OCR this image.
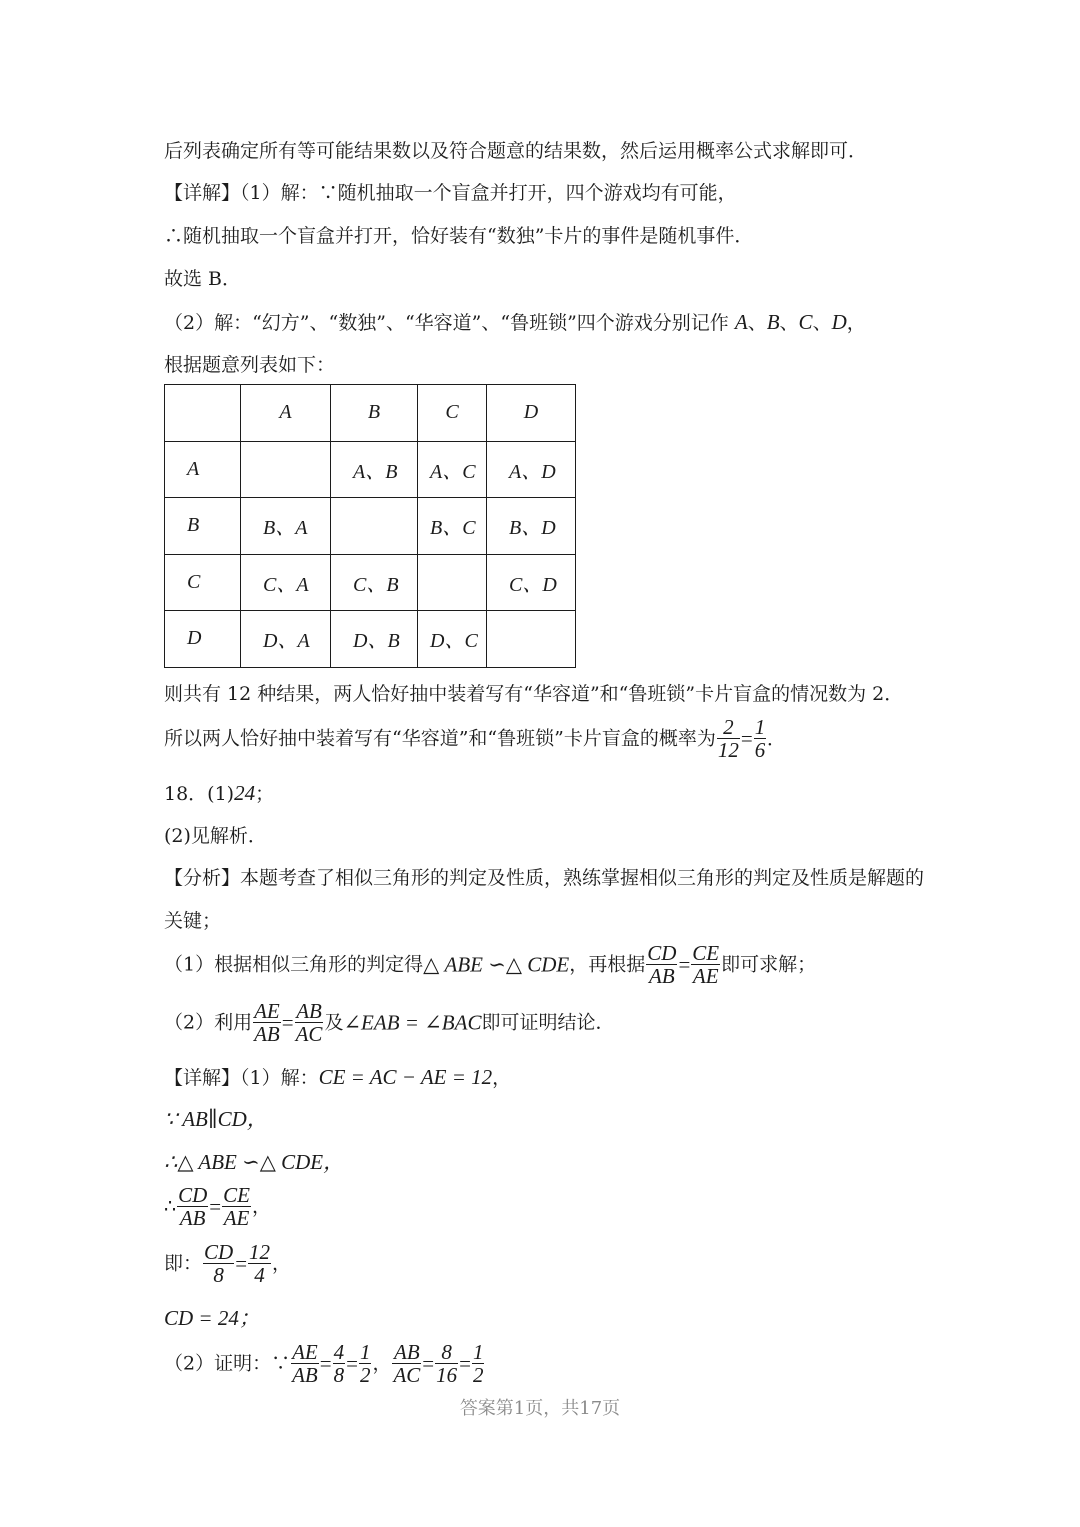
后列表确定所有等可能结果数以及符合题意的结果数，然后运用概率公式求解即可．
【详解】（1）解：∵随机抽取一个盲盒并打开，四个游戏均有可能，
∴随机抽取一个盲盒并打开，恰好装有“数独”卡片的事件是随机事件．
故选 B．
（2）解：“幻方”、“数独”、“华容道”、“鲁班锁”四个游戏分别记作 A、B、C、D，
根据题意列表如下：
	A	B	C	D
A		A、B	A、C	A、D
B	B、A		B、C	B、D
C	C、A	C、B		C、D
D	D、A	D、B	D、C	
则共有 12 种结果，两人恰好抽中装着写有“华容道”和“鲁班锁”卡片盲盒的情况数为 2．
所以两人恰好抽中装着写有“华容道”和“鲁班锁”卡片盲盒的概率为 $\frac{2}{12} = \frac{1}{6}$ .
18．(1)24；
(2)见解析．
【分析】本题考查了相似三角形的判定及性质，熟练掌握相似三角形的判定及性质是解题的
关键；
（1）根据相似三角形的判定得△ ABE ∽△ CDE，再根据 $\frac{CD}{AB} = \frac{CE}{AE}$ 即可求解；
（2）利用 $\frac{AE}{AB} = \frac{AB}{AC}$ 及∠EAB = ∠BAC即可证明结论．
【详解】（1）解：CE = AC − AE = 12，
∵ AB∥CD，
∴△ ABE ∽△ CDE，
∴ $\frac{CD}{AB} = \frac{CE}{AE}$ ，
即： $\frac{CD}{8} = \frac{12}{4}$ ，
CD = 24；
（2）证明：∵ $\frac{AE}{AB} = \frac{4}{8} = \frac{1}{2}$ ， $\frac{AB}{AC} = \frac{8}{16} = \frac{1}{2}$
答案第1页，共17页
